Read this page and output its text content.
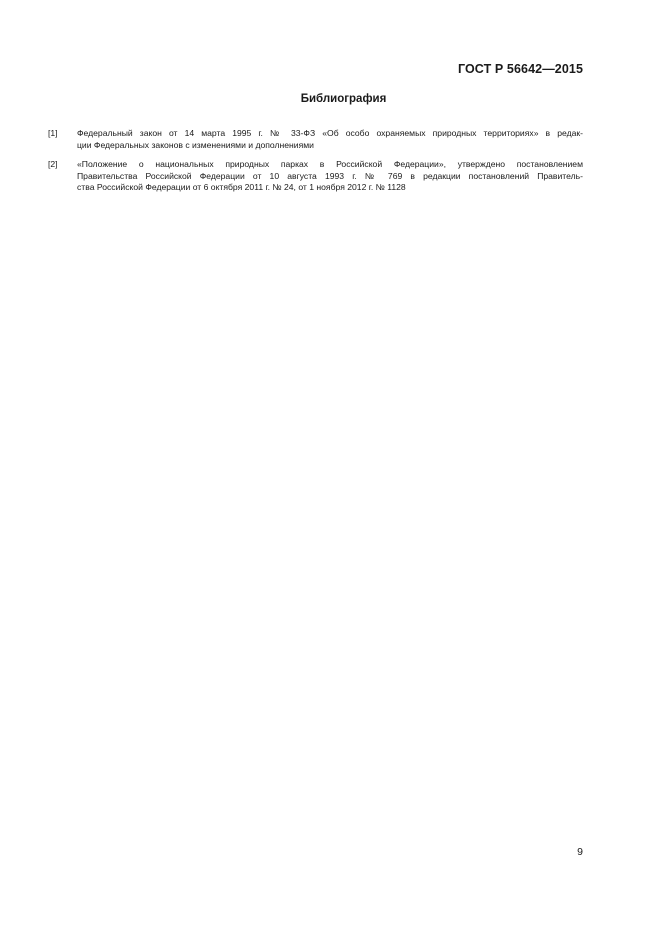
ГОСТ Р 56642—2015
Библиография
[1]	Федеральный закон от 14 марта 1995 г. № 33-ФЗ «Об особо охраняемых природных территориях» в редак-
ции Федеральных законов с изменениями и дополнениями
[2]	«Положение о национальных природных парках в Российской Федерации», утверждено постановлением
Правительства Российской Федерации от 10 августа 1993 г. № 769 в редакции постановлений Правитель-
ства Российской Федерации от 6 октября 2011 г. № 24, от 1 ноября 2012 г. № 1128
9
